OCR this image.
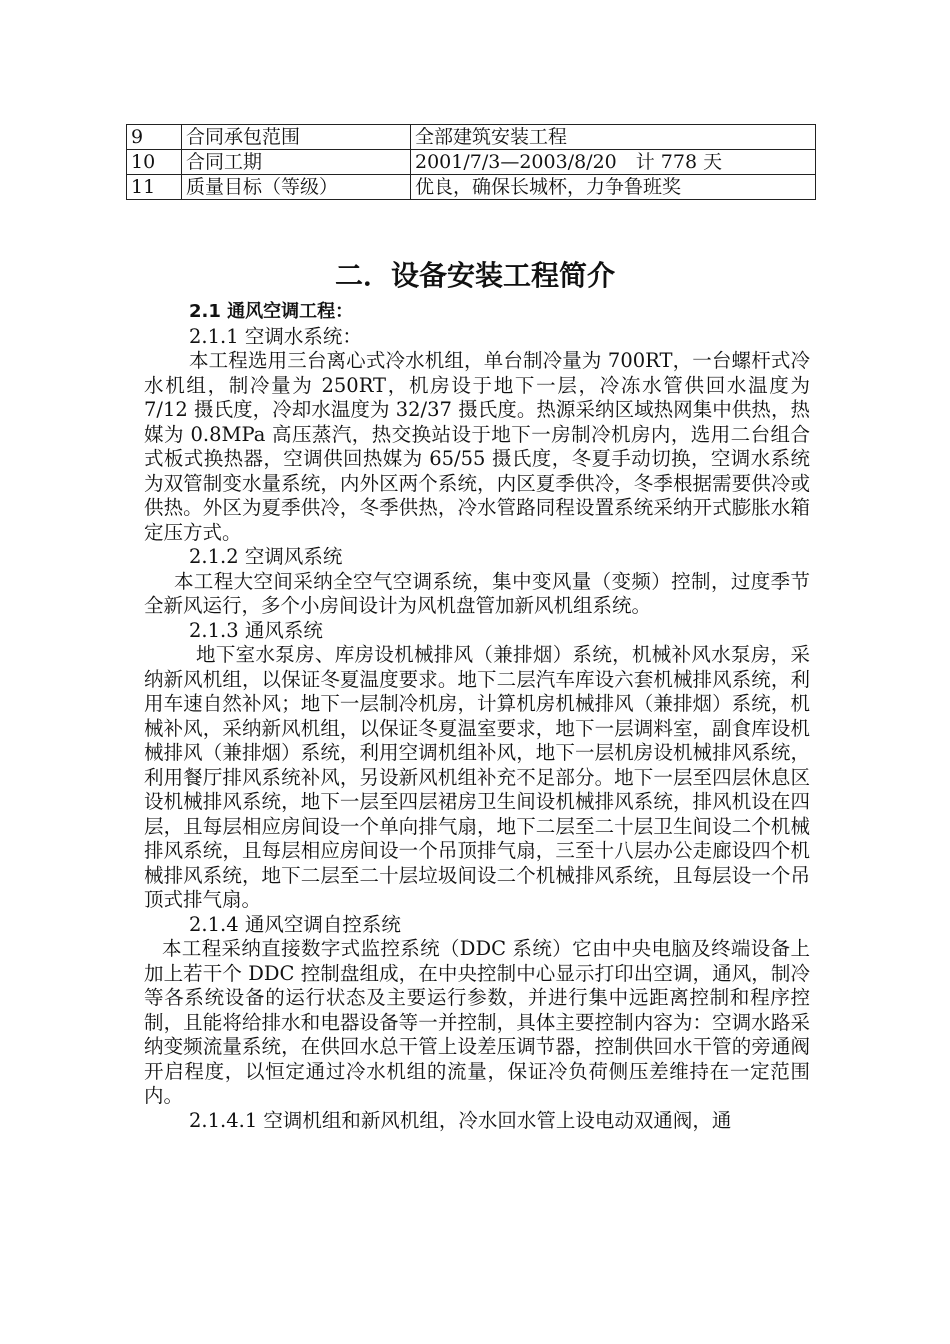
9	合同承包范围	全部建筑安装工程
10	合同工期	2001/7/3—2003/8/20　计 778 天
11	质量目标（等级）	优良，确保长城杯，力争鲁班奖
二．设备安装工程简介

2.1 通风空调工程：

2.1.1 空调水系统：

本工程选用三台离心式冷水机组，单台制冷量为 700RT，一台螺杆式冷水机组，制冷量为 250RT，机房设于地下一层，冷冻水管供回水温度为 7/12 摄氏度，冷却水温度为 32/37 摄氏度。热源采纳区域热网集中供热，热媒为 0.8MPa 高压蒸汽，热交换站设于地下一房制冷机房内，选用二台组合式板式换热器，空调供回热媒为 65/55 摄氏度，冬夏手动切换，空调水系统为双管制变水量系统，内外区两个系统，内区夏季供冷，冬季根据需要供冷或供热。外区为夏季供冷，冬季供热，冷水管路同程设置系统采纳开式膨胀水箱定压方式。

2.1.2 空调风系统

本工程大空间采纳全空气空调系统，集中变风量（变频）控制，过度季节全新风运行，多个小房间设计为风机盘管加新风机组系统。

2.1.3 通风系统

地下室水泵房、库房设机械排风（兼排烟）系统，机械补风水泵房，采纳新风机组，以保证冬夏温度要求。地下二层汽车库设六套机械排风系统，利用车速自然补风；地下一层制冷机房，计算机房机械排风（兼排烟）系统，机械补风，采纳新风机组，以保证冬夏温室要求，地下一层调料室，副食库设机械排风（兼排烟）系统，利用空调机组补风，地下一层机房设机械排风系统，利用餐厅排风系统补风，另设新风机组补充不足部分。地下一层至四层休息区设机械排风系统，地下一层至四层裙房卫生间设机械排风系统，排风机设在四层，且每层相应房间设一个单向排气扇，地下二层至二十层卫生间设二个机械排风系统，且每层相应房间设一个吊顶排气扇，三至十八层办公走廊设四个机械排风系统，地下二层至二十层垃圾间设二个机械排风系统，且每层设一个吊顶式排气扇。

2.1.4 通风空调自控系统

本工程采纳直接数字式监控系统（DDC 系统）它由中央电脑及终端设备上加上若干个 DDC 控制盘组成，在中央控制中心显示打印出空调，通风，制冷等各系统设备的运行状态及主要运行参数，并进行集中远距离控制和程序控制，且能将给排水和电器设备等一并控制，具体主要控制内容为：空调水路采纳变频流量系统，在供回水总干管上设差压调节器，控制供回水干管的旁通阀开启程度，以恒定通过冷水机组的流量，保证冷负荷侧压差维持在一定范围内。

2.1.4.1 空调机组和新风机组，冷水回水管上设电动双通阀，通
